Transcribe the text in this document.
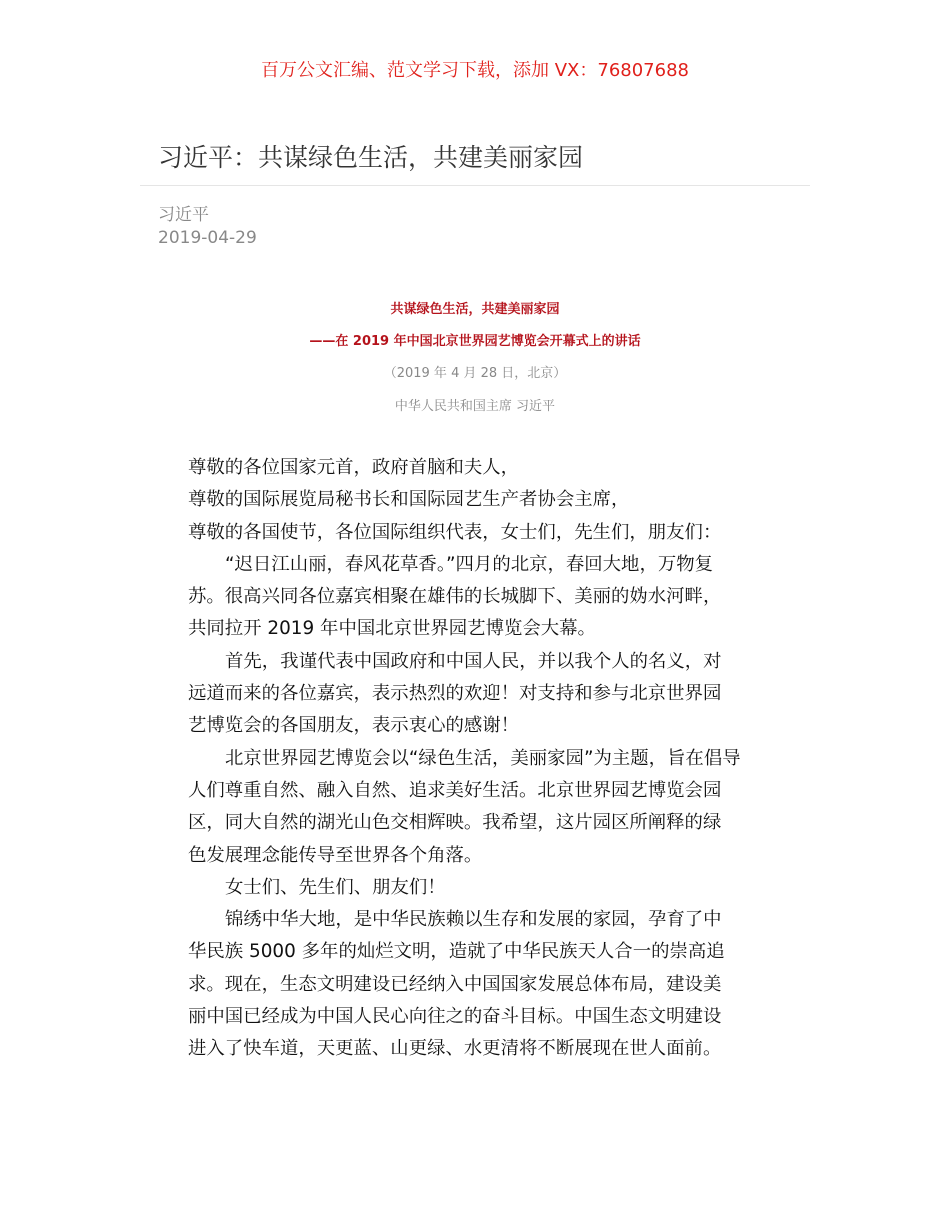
百万公文汇编、范文学习下载，添加 VX：76807688
习近平：共谋绿色生活，共建美丽家园
习近平
2019-04-29
共谋绿色生活，共建美丽家园
——在 2019 年中国北京世界园艺博览会开幕式上的讲话
（2019 年 4 月 28 日，北京）
中华人民共和国主席 习近平
尊敬的各位国家元首，政府首脑和夫人，
尊敬的国际展览局秘书长和国际园艺生产者协会主席，
尊敬的各国使节，各位国际组织代表，女士们，先生们，朋友们：
“迟日江山丽，春风花草香。”四月的北京，春回大地，万物复
苏。很高兴同各位嘉宾相聚在雄伟的长城脚下、美丽的妫水河畔，
共同拉开 2019 年中国北京世界园艺博览会大幕。
首先，我谨代表中国政府和中国人民，并以我个人的名义，对
远道而来的各位嘉宾，表示热烈的欢迎！对支持和参与北京世界园
艺博览会的各国朋友，表示衷心的感谢！
北京世界园艺博览会以“绿色生活，美丽家园”为主题，旨在倡导
人们尊重自然、融入自然、追求美好生活。北京世界园艺博览会园
区，同大自然的湖光山色交相辉映。我希望，这片园区所阐释的绿
色发展理念能传导至世界各个角落。
女士们、先生们、朋友们！
锦绣中华大地，是中华民族赖以生存和发展的家园，孕育了中
华民族 5000 多年的灿烂文明，造就了中华民族天人合一的崇高追
求。现在，生态文明建设已经纳入中国国家发展总体布局，建设美
丽中国已经成为中国人民心向往之的奋斗目标。中国生态文明建设
进入了快车道，天更蓝、山更绿、水更清将不断展现在世人面前。
